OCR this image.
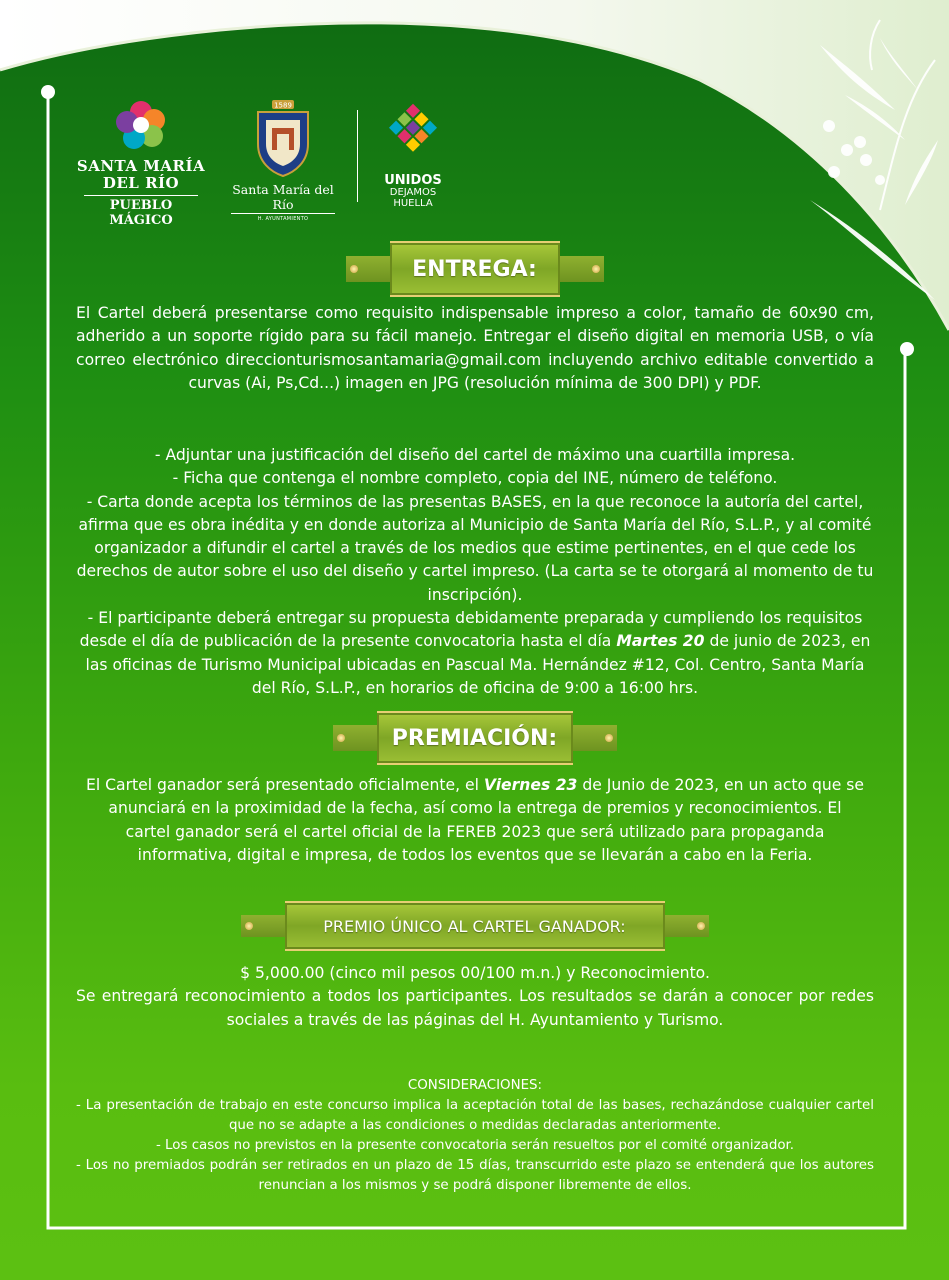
SANTA MARÍA
DEL RÍO
PUEBLO MÁGICO
1589
Santa María del Río
H. AYUNTAMIENTO
UNIDOS
DEJAMOS
HUELLA
ENTREGA:
El Cartel deberá presentarse como requisito indispensable impreso a color, tamaño de 60x90 cm, adherido a un soporte rígido para su fácil manejo. Entregar el diseño digital en memoria USB, o vía correo electrónico direccionturismosantamaria@gmail.com incluyendo archivo editable convertido a curvas (Ai, Ps,Cd...) imagen en JPG (resolución mínima de 300 DPI) y PDF.
- Adjuntar una justificación del diseño del cartel de máximo una cuartilla impresa.
- Ficha que contenga el nombre completo, copia del INE, número de teléfono.
- Carta donde acepta los términos de las presentas BASES, en la que reconoce la autoría del cartel, afirma que es obra inédita y en donde autoriza al Municipio de Santa María del Río, S.L.P., y al comité organizador a difundir el cartel a través de los medios que estime pertinentes, en el que cede los derechos de autor sobre el uso del diseño y cartel impreso. (La carta se te otorgará al momento de tu inscripción).
- El participante deberá entregar su propuesta debidamente preparada y cumpliendo los requisitos desde el día de publicación de la presente convocatoria hasta el día Martes 20 de junio de 2023, en las oficinas de Turismo Municipal ubicadas en Pascual Ma. Hernández #12, Col. Centro, Santa María del Río, S.L.P., en horarios de oficina de 9:00 a 16:00 hrs.
PREMIACIÓN:
El Cartel ganador será presentado oficialmente, el Viernes 23 de Junio de 2023, en un acto que se anunciará en la proximidad de la fecha, así como la entrega de premios y reconocimientos. El cartel ganador será el cartel oficial de la FEREB 2023 que será utilizado para propaganda informativa, digital e impresa, de todos los eventos que se llevarán a cabo en la Feria.
PREMIO ÚNICO AL CARTEL GANADOR:
$ 5,000.00 (cinco mil pesos 00/100 m.n.) y Reconocimiento.
Se entregará reconocimiento a todos los participantes. Los resultados se darán a conocer por redes sociales a través de las páginas del H. Ayuntamiento y Turismo.
CONSIDERACIONES:
- La presentación de trabajo en este concurso implica la aceptación total de las bases, rechazándose cualquier cartel que no se adapte a las condiciones o medidas declaradas anteriormente.
- Los casos no previstos en la presente convocatoria serán resueltos por el comité organizador.
- Los no premiados podrán ser retirados en un plazo de 15 días, transcurrido este plazo se entenderá que los autores renuncian a los mismos y se podrá disponer libremente de ellos.
